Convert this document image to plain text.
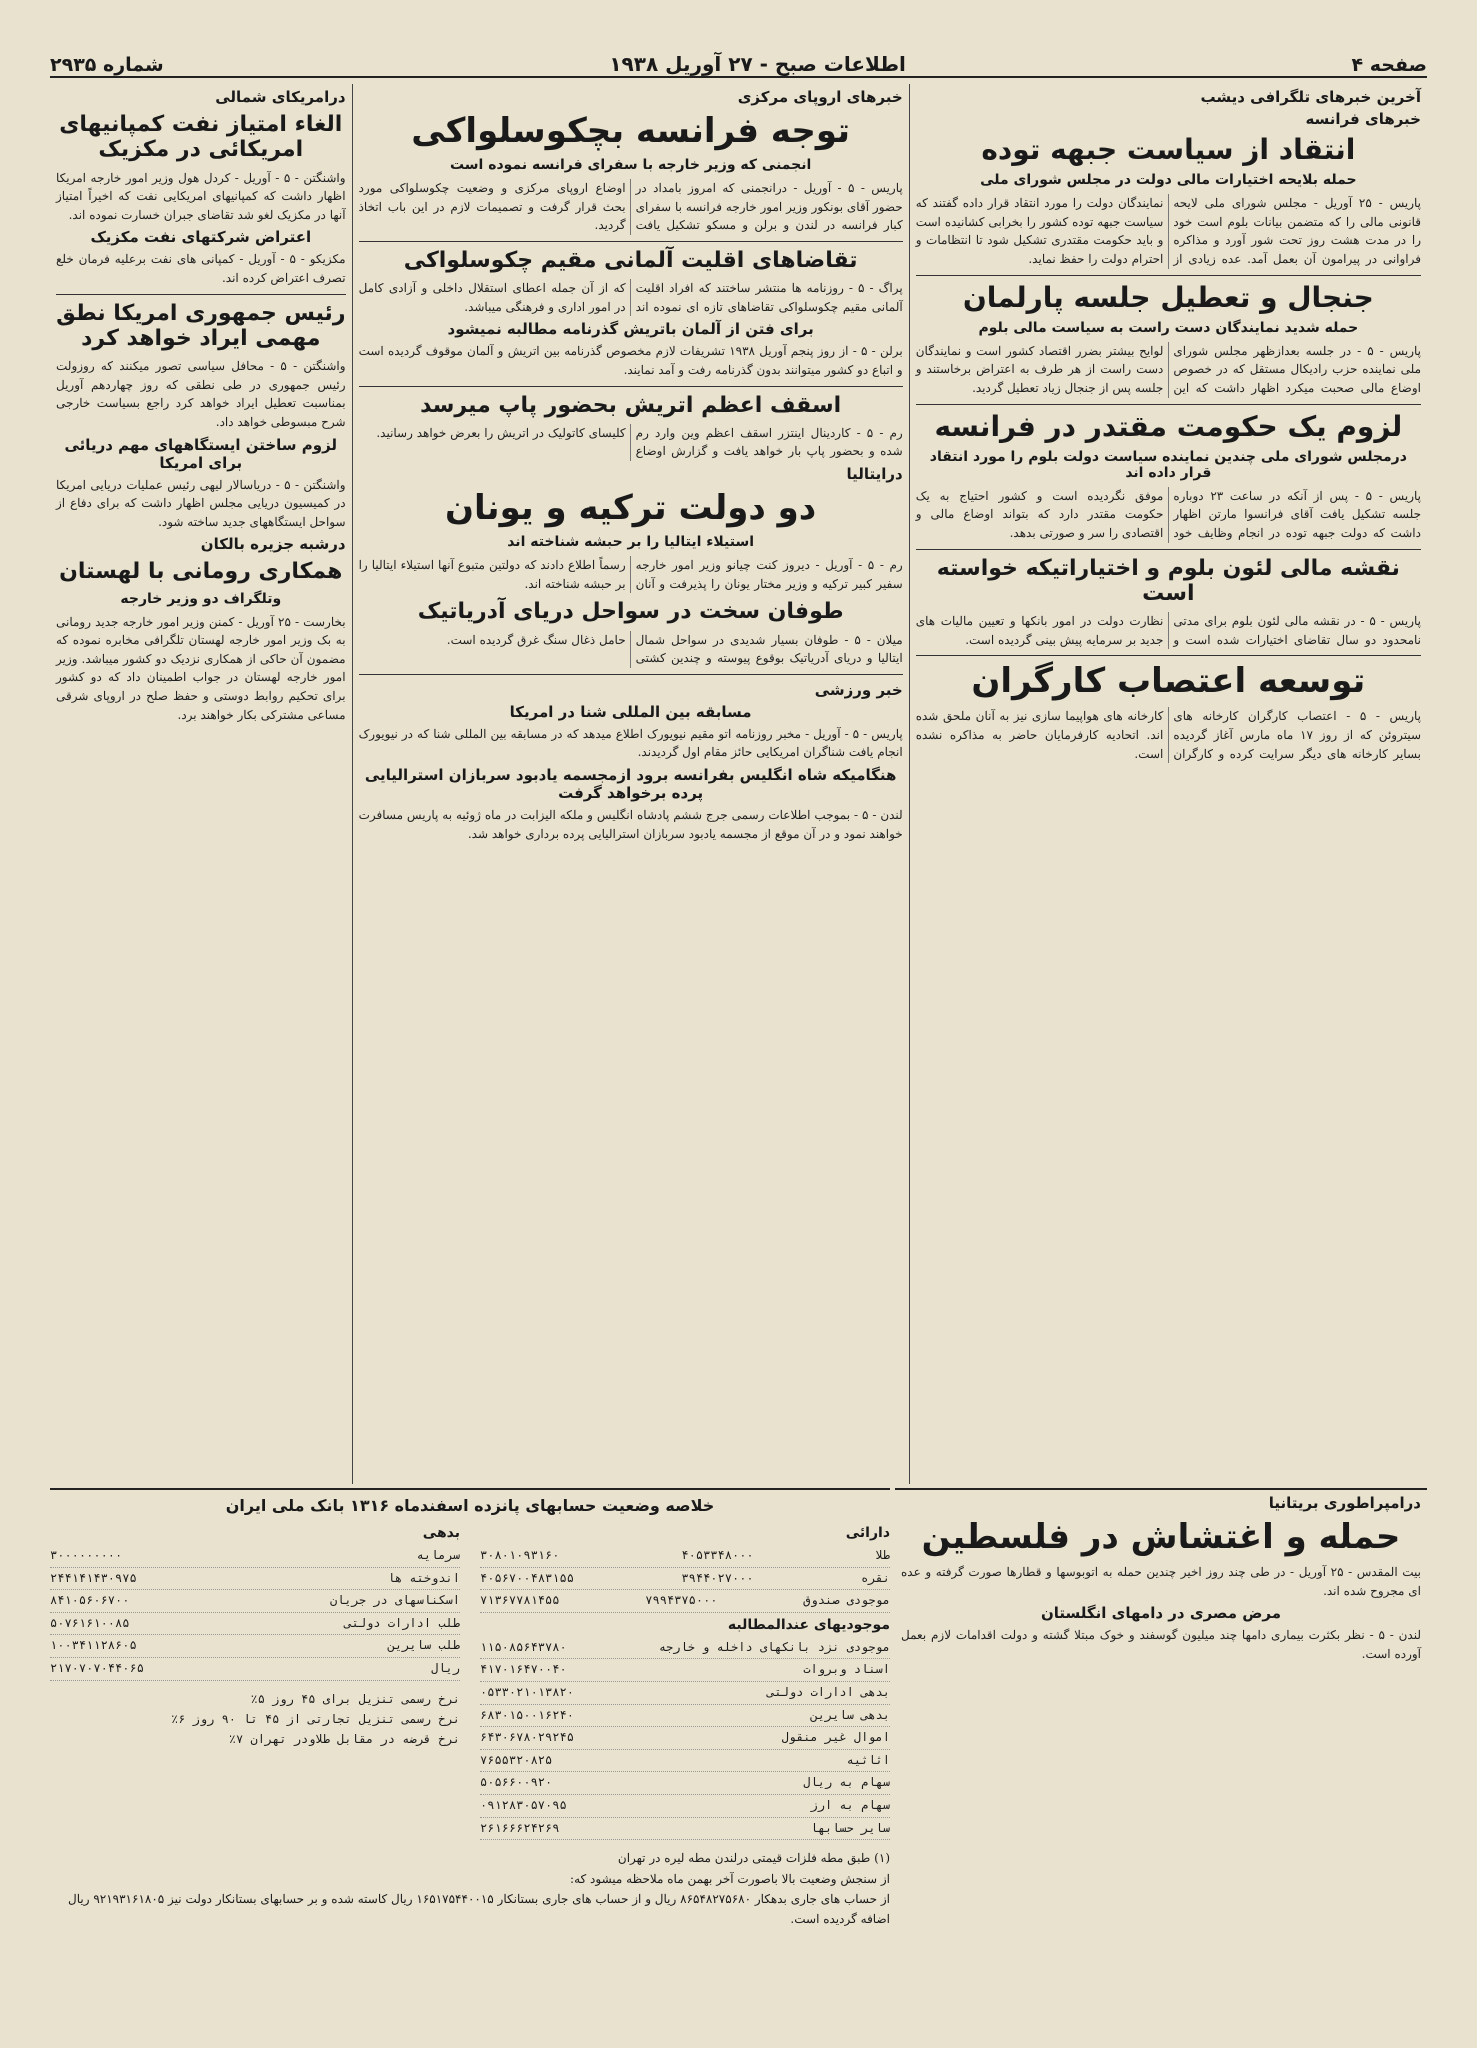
صفحه ۴
اطلاعات صبح - ۲۷ آوریل ۱۹۳۸
شماره ۲۹۳۵
آخرین خبرهای تلگرافی دیشب
خبرهای فرانسه
انتقاد از سیاست جبهه توده
حمله بلایحه اختیارات مالی دولت در مجلس شورای ملی
پاریس - ۲۵ آوریل - مجلس شورای ملی لایحه قانونی مالی را که متضمن بیانات بلوم است خود را در مدت هشت روز تحت شور آورد و مذاکره فراوانی در پیرامون آن بعمل آمد. عده زیادی از نمایندگان دولت را مورد انتقاد قرار داده گفتند که سیاست جبهه توده کشور را بخرابی کشانیده است و باید حکومت مقتدری تشکیل شود تا انتظامات و احترام دولت را حفظ نماید.
جنجال و تعطیل جلسه پارلمان
حمله شدید نمایندگان دست راست به سیاست مالی بلوم
پاریس - ۵ - در جلسه بعدازظهر مجلس شورای ملی نماینده حزب رادیکال مستقل که در خصوص اوضاع مالی صحبت میکرد اظهار داشت که این لوایح بیشتر بضرر اقتصاد کشور است و نمایندگان دست راست از هر طرف به اعتراض برخاستند و جلسه پس از جنجال زیاد تعطیل گردید.
لزوم یک حکومت مقتدر در فرانسه
درمجلس شورای ملی چندین نماینده سیاست دولت بلوم را مورد انتقاد قرار داده اند
پاریس - ۵ - پس از آنکه در ساعت ۲۳ دوباره جلسه تشکیل یافت آقای فرانسوا مارتن اظهار داشت که دولت جبهه توده در انجام وظایف خود موفق نگردیده است و کشور احتیاج به یک حکومت مقتدر دارد که بتواند اوضاع مالی و اقتصادی را سر و صورتی بدهد.
نقشه مالی لئون بلوم و اختیاراتیکه خواسته است
پاریس - ۵ - در نقشه مالی لئون بلوم برای مدتی نامحدود دو سال تقاضای اختیارات شده است و نظارت دولت در امور بانکها و تعیین مالیات های جدید بر سرمایه پیش بینی گردیده است.
توسعه اعتصاب کارگران
پاریس - ۵ - اعتصاب کارگران کارخانه های سیتروئن که از روز ۱۷ ماه مارس آغاز گردیده بسایر کارخانه های دیگر سرایت کرده و کارگران کارخانه های هواپیما سازی نیز به آنان ملحق شده اند. اتحادیه کارفرمایان حاضر به مذاکره نشده است.
خبرهای اروپای مرکزی
توجه فرانسه بچکوسلواکی
انجمنی که وزیر خارجه با سفرای فرانسه نموده است
پاریس - ۵ - آوریل - درانجمنی که امروز بامداد در حضور آقای بونکور وزیر امور خارجه فرانسه با سفرای کبار فرانسه در لندن و برلن و مسکو تشکیل یافت اوضاع اروپای مرکزی و وضعیت چکوسلواکی مورد بحث قرار گرفت و تصمیمات لازم در این باب اتخاذ گردید.
تقاضاهای اقلیت آلمانی مقیم چکوسلواکی
پراگ - ۵ - روزنامه ها منتشر ساختند که افراد اقلیت آلمانی مقیم چکوسلواکی تقاضاهای تازه ای نموده اند که از آن جمله اعطای استقلال داخلی و آزادی کامل در امور اداری و فرهنگی میباشد.
برای فتن از آلمان باتریش گذرنامه مطالبه نمیشود
برلن - ۵ - از روز پنجم آوریل ۱۹۳۸ تشریفات لازم مخصوص گذرنامه بین اتریش و آلمان موقوف گردیده است و اتباع دو کشور میتوانند بدون گذرنامه رفت و آمد نمایند.
اسقف اعظم اتریش بحضور پاپ میرسد
رم - ۵ - کاردینال اینتزر اسقف اعظم وین وارد رم شده و بحضور پاپ بار خواهد یافت و گزارش اوضاع کلیسای کاتولیک در اتریش را بعرض خواهد رسانید.
درایتالیا
دو دولت ترکیه و یونان
استیلاء ایتالیا را بر حبشه شناخته اند
رم - ۵ - آوریل - دیروز کنت چیانو وزیر امور خارجه سفیر کبیر ترکیه و وزیر مختار یونان را پذیرفت و آنان رسماً اطلاع دادند که دولتین متبوع آنها استیلاء ایتالیا را بر حبشه شناخته اند.
طوفان سخت در سواحل دریای آدریاتیک
میلان - ۵ - طوفان بسیار شدیدی در سواحل شمال ایتالیا و دریای آدریاتیک بوقوع پیوسته و چندین کشتی حامل ذغال سنگ غرق گردیده است.
خبر ورزشی
مسابقه بین المللی شنا در امریکا
پاریس - ۵ - آوریل - مخبر روزنامه اتو مقیم نیویورک اطلاع میدهد که در مسابقه بین المللی شنا که در نیویورک انجام یافت شناگران امریکایی حائز مقام اول گردیدند.
هنگامیکه شاه انگلیس بفرانسه برود ازمجسمه یادبود سربازان استرالیایی پرده برخواهد گرفت
لندن - ۵ - بموجب اطلاعات رسمی جرج ششم پادشاه انگلیس و ملکه الیزابت در ماه ژوئیه به پاریس مسافرت خواهند نمود و در آن موقع از مجسمه یادبود سربازان استرالیایی پرده برداری خواهد شد.
درامریکای شمالی
الغاء امتیاز نفت کمپانیهای امریکائی در مکزیک
واشنگتن - ۵ - آوریل - کردل هول وزیر امور خارجه امریکا اظهار داشت که کمپانیهای امریکایی نفت که اخیراً امتیاز آنها در مکزیک لغو شد تقاضای جبران خسارت نموده اند.
اعتراض شرکتهای نفت مکزیک
مکزیکو - ۵ - آوریل - کمپانی های نفت برعلیه فرمان خلع تصرف اعتراض کرده اند.
رئیس جمهوری امریکا نطق مهمی ایراد خواهد کرد
واشنگتن - ۵ - محافل سیاسی تصور میکنند که روزولت رئیس جمهوری در طی نطقی که روز چهاردهم آوریل بمناسبت تعطیل ایراد خواهد کرد راجع بسیاست خارجی شرح مبسوطی خواهد داد.
لزوم ساختن ایستگاههای مهم دریائی برای امریکا
واشنگتن - ۵ - دریاسالار لیهی رئیس عملیات دریایی امریکا در کمیسیون دریایی مجلس اظهار داشت که برای دفاع از سواحل ایستگاههای جدید ساخته شود.
درشبه جزیره بالکان
همکاری رومانی با لهستان
وتلگراف دو وزیر خارجه
بخارست - ۲۵ آوریل - کمنن وزیر امور خارجه جدید رومانی به بک وزیر امور خارجه لهستان تلگرافی مخابره نموده که مضمون آن حاکی از همکاری نزدیک دو کشور میباشد. وزیر امور خارجه لهستان در جواب اطمینان داد که دو کشور برای تحکیم روابط دوستی و حفظ صلح در اروپای شرقی مساعی مشترکی بکار خواهند برد.
خلاصه وضعیت حسابهای پانزده اسفندماه ۱۳۱۶ بانک ملی ایران
دارائی
طلا
۴۰۵۳۳۴۸۰۰۰
۳۰۸۰۱۰۹۳۱۶۰
نقره
۳۹۴۴۰۲۷۰۰۰
۴۰۵۶۷۰۰۴۸۳۱۵۵
موجودی صندوق
۷۹۹۴۳۷۵۰۰۰
۷۱۳۶۷۷۸۱۴۵۵
موجودیهای عندالمطالبه
موجودی نزد بانکهای داخله و خارجه
۱۱۵۰۸۵۶۴۳۷۸۰
اسناد وبروات
۴۱۷۰۱۶۴۷۰۰۴۰
بدهی ادارات دولتی
۰۵۳۳۰۲۱۰۱۳۸۲۰
بدهی سایرین
۶۸۳۰۱۵۰۰۱۶۲۴۰
اموال غیر منقول
۶۴۳۰۶۷۸۰۲۹۲۴۵
اثاثیه
۷۶۵۵۳۲۰۸۲۵
سهام به ریال
۵۰۵۶۶۰۰۹۲۰
سهام به ارز
۰۹۱۲۸۳۰۵۷۰۹۵
سایر حسابها
۲۶۱۶۶۶۲۴۲۶۹
بدهی
سرمایه
۳۰۰۰۰۰۰۰۰۰
اندوخته ها
۲۴۴۱۴۱۴۳۰۹۷۵
اسکناسهای در جریان
۸۴۱۰۵۶۰۶۷۰۰
طلب ادارات دولتی
۵۰۷۶۱۶۱۰۰۸۵
طلب سایرین
۱۰۰۳۴۱۱۲۸۶۰۵
ریال
۲۱۷۰۷۰۷۰۴۴۰۶۵
نرخ رسمی تنزیل برای ۴۵ روز ۵٪
نرخ رسمی تنزیل تجارتی از ۴۵ تا ۹۰ روز ۶٪
نرخ قرضه در مقابل طلاودر تهران ۷٪
(۱) طبق مطه فلزات قیمتی درلندن مطه لیره در تهران
از سنجش وضعیت بالا باصورت آخر بهمن ماه ملاحظه میشود که:
از حساب های جاری بدهکار ۸۶۵۴۸۲۷۵۶۸۰ ریال و از حساب های جاری بستانکار ۱۶۵۱۷۵۴۴۰۰۱۵ ریال کاسته شده و بر حسابهای بستانکار دولت نیز ۹۲۱۹۳۱۶۱۸۰۵ ریال اضافه گردیده است.
درامپراطوری بریتانیا
حمله و اغتشاش در فلسطین
بیت المقدس - ۲۵ آوریل - در طی چند روز اخیر چندین حمله به اتوبوسها و قطارها صورت گرفته و عده ای مجروح شده اند.
مرض مصری در دامهای انگلستان
لندن - ۵ - نظر بکثرت بیماری دامها چند میلیون گوسفند و خوک مبتلا گشته و دولت اقدامات لازم بعمل آورده است.
